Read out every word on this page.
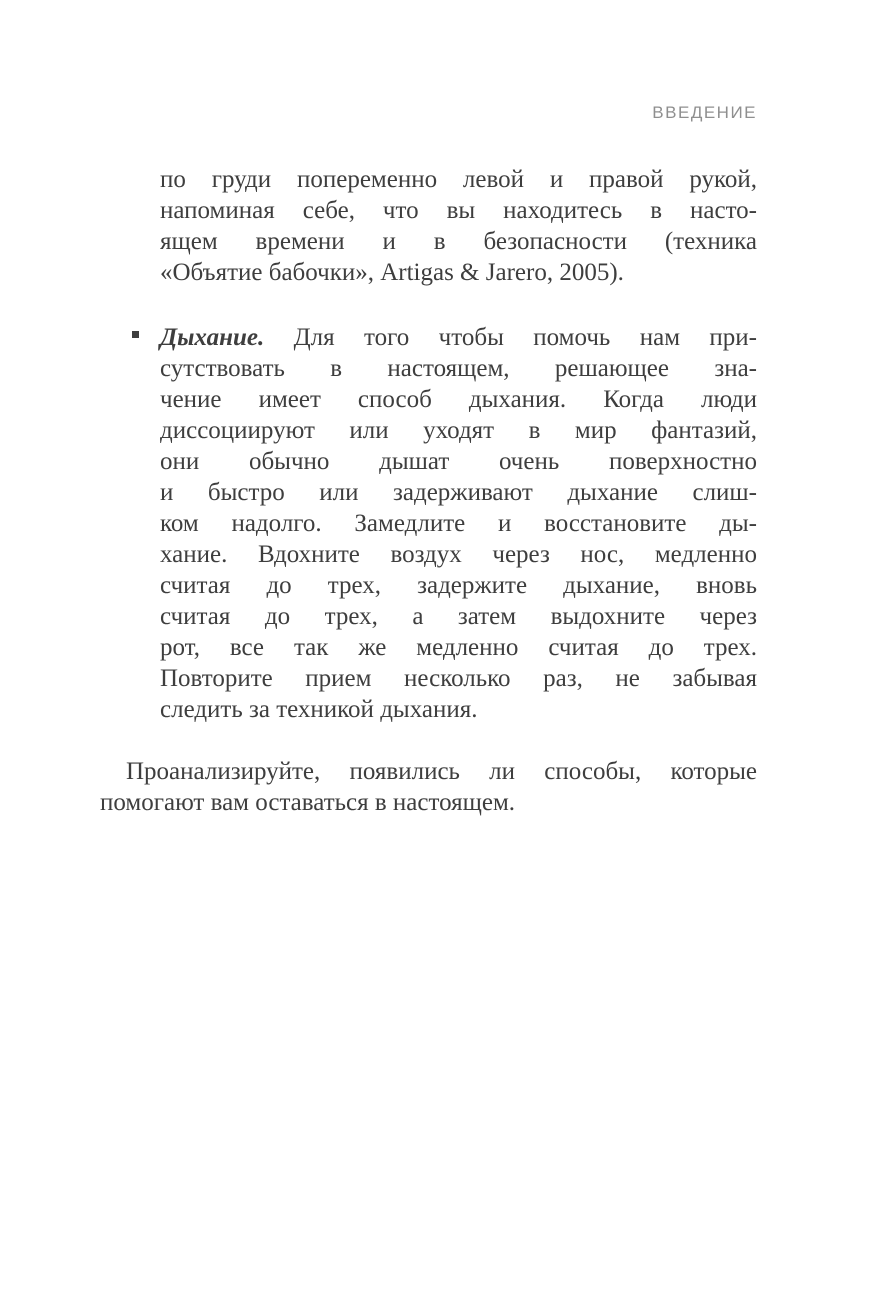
ВВЕДЕНИЕ
по груди попеременно левой и правой рукой,
напоминая себе, что вы находитесь в насто-
ящем времени и в безопасности (техника
«Объятие бабочки», Artigas & Jarero, 2005).
Дыхание. Для того чтобы помочь нам при-
сутствовать в настоящем, решающее зна-
чение имеет способ дыхания. Когда люди
диссоциируют или уходят в мир фантазий,
они обычно дышат очень поверхностно
и быстро или задерживают дыхание слиш-
ком надолго. Замедлите и восстановите ды-
хание. Вдохните воздух через нос, медленно
считая до трех, задержите дыхание, вновь
считая до трех, а затем выдохните через
рот, все так же медленно считая до трех.
Повторите прием несколько раз, не забывая
следить за техникой дыхания.
Проанализируйте, появились ли способы, которые
помогают вам оставаться в настоящем.
